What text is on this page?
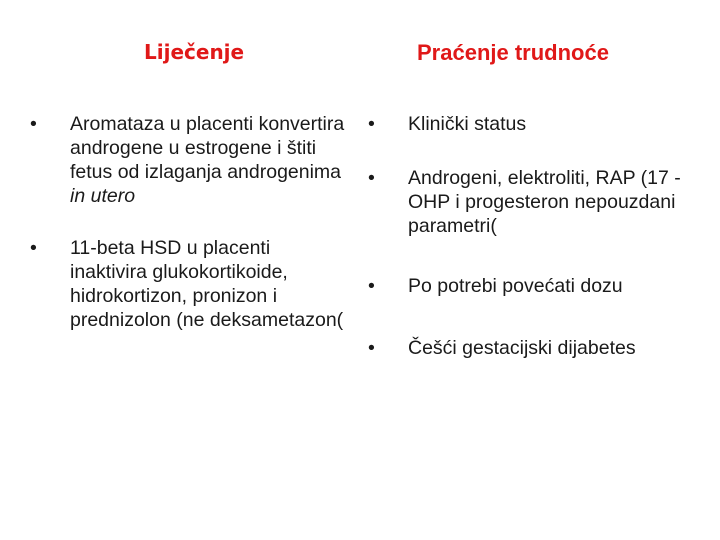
Liječenje
• Aromataza u placenti konvertira androgene u estrogene i štiti fetus od izlaganja androgenima in utero
• 11-beta HSD u placenti inaktivira glukokortikoide, hidrokortizon, pronizon i prednizolon (ne deksametazon(
Praćenje trudnoće
• Klinički status
• Androgeni, elektroliti, RAP (17 -OHP i progesteron nepouzdani parametri(
• Po potrebi povećati dozu
• Češći gestacijski dijabetes
